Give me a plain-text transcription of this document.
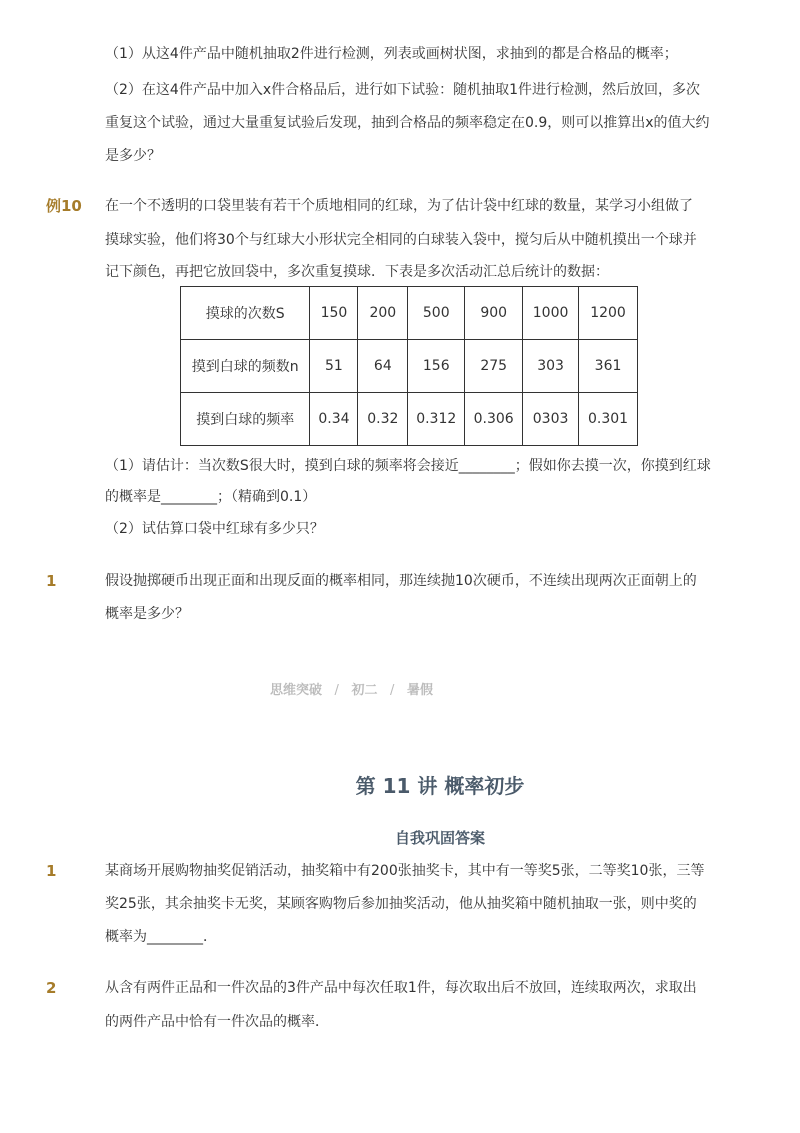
（1）从这4件产品中随机抽取2件进行检测，列表或画树状图，求抽到的都是合格品的概率；
（2）在这4件产品中加入x件合格品后，进行如下试验：随机抽取1件进行检测，然后放回，多次
重复这个试验，通过大量重复试验后发现，抽到合格品的频率稳定在0.9，则可以推算出x的值大约
是多少？
例10 在一个不透明的口袋里装有若干个质地相同的红球，为了估计袋中红球的数量，某学习小组做了
摸球实验，他们将30个与红球大小形状完全相同的白球装入袋中，搅匀后从中随机摸出一个球并
记下颜色，再把它放回袋中，多次重复摸球．下表是多次活动汇总后统计的数据：
摸球的次数S	150	200	500	900	1000	1200
摸到白球的频数n	51	64	156	275	303	361
摸到白球的频率	0.34	0.32	0.312	0.306	0303	0.301
（1）请估计：当次数S很大时，摸到白球的频率将会接近________；假如你去摸一次，你摸到红球
的概率是________；（精确到0.1）
（2）试估算口袋中红球有多少只？
1	假设抛掷硬币出现正面和出现反面的概率相同，那连续抛10次硬币，不连续出现两次正面朝上的
概率是多少？
思维突破 / 初二 / 暑假
第 11 讲 概率初步
自我巩固答案
1	某商场开展购物抽奖促销活动，抽奖箱中有200张抽奖卡，其中有一等奖5张，二等奖10张，三等
奖25张，其余抽奖卡无奖，某顾客购物后参加抽奖活动，他从抽奖箱中随机抽取一张，则中奖的
概率为________．
2	从含有两件正品和一件次品的3件产品中每次任取1件，每次取出后不放回，连续取两次，求取出
的两件产品中恰有一件次品的概率．
